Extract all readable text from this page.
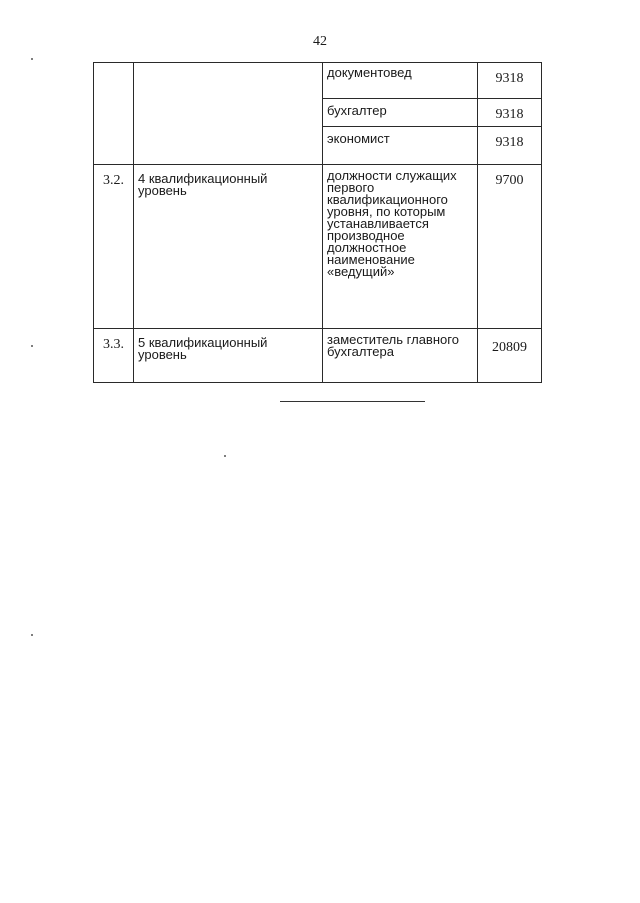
42
		документовед	9318
		бухгалтер	9318
		экономист	9318
3.2.	4 квалификационный уровень	должности служащих первого квалификационного уровня, по которым устанавливается производное должностное наименование «ведущий»	9700
3.3.	5 квалификационный уровень	заместитель главного бухгалтера	20809
